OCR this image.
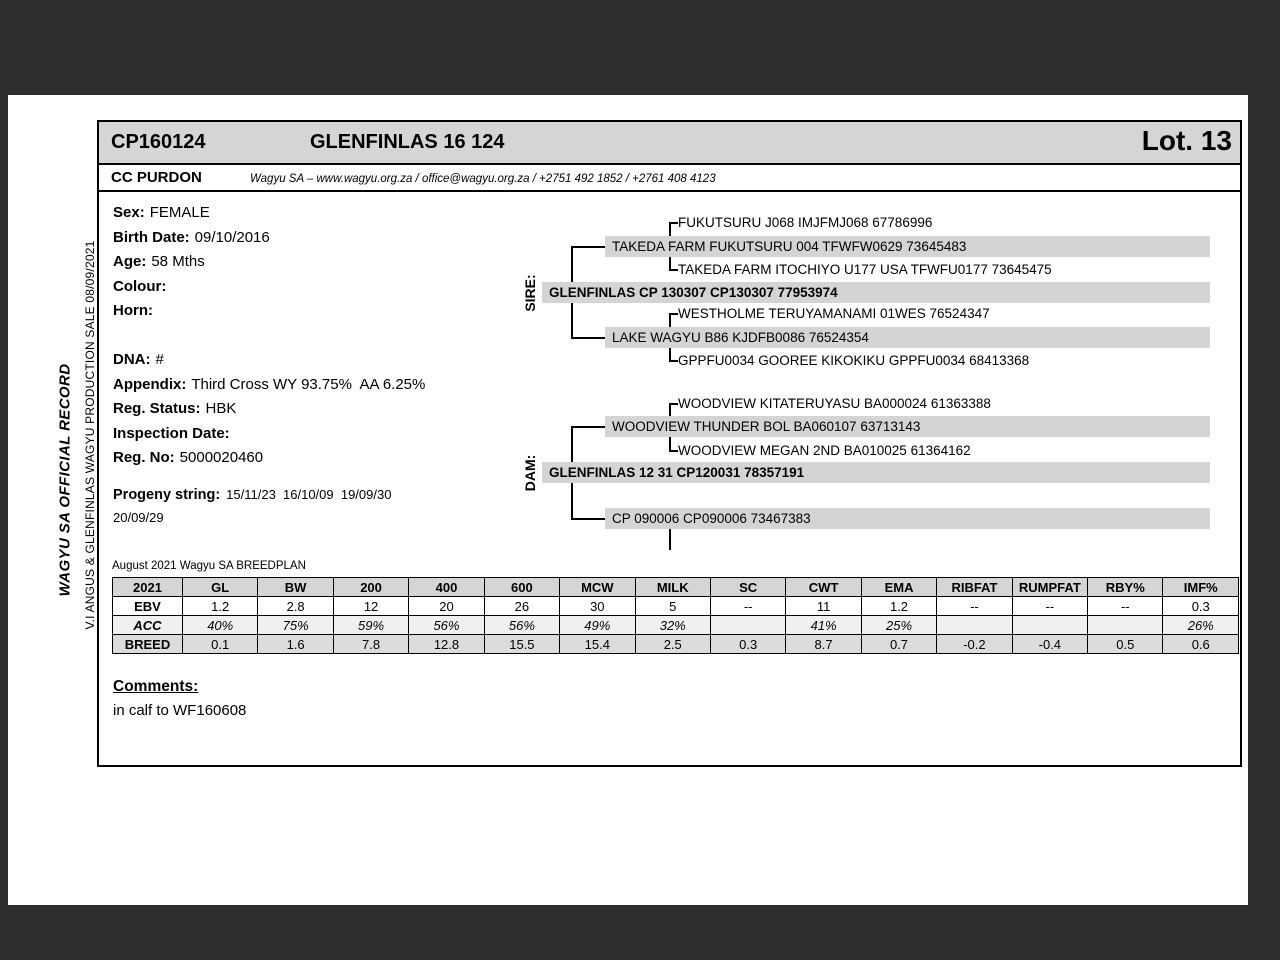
WAGYU SA OFFICIAL RECORD V.I ANGUS & GLENFINLAS WAGYU PRODUCTION SALE 08/09/2021
CP160124	GLENFINLAS 16 124	Lot. 13
CC PURDON	Wagyu SA – www.wagyu.org.za / office@wagyu.org.za / +2751 492 1852 / +2761 408 4123
Sex: FEMALE
Birth Date: 09/10/2016
Age: 58 Mths
Colour:
Horn:
DNA: #
Appendix: Third Cross WY 93.75%  AA 6.25%
Reg. Status: HBK
Inspection Date:
Reg. No: 5000020460
Progeny string: 15/11/23  16/10/09  19/09/30
20/09/29
SIRE:
DAM:
FUKUTSURU J068 IMJFMJ068 67786996
TAKEDA FARM FUKUTSURU 004 TFWFW0629 73645483
TAKEDA FARM ITOCHIYO U177 USA TFWFU0177 73645475
GLENFINLAS CP 130307 CP130307 77953974
WESTHOLME TERUYAMANAMI 01WES 76524347
LAKE WAGYU B86 KJDFB0086 76524354
GPPFU0034 GOOREE KIKOKIKU GPPFU0034 68413368
WOODVIEW KITATERUYASU BA000024 61363388
WOODVIEW THUNDER BOL BA060107 63713143
WOODVIEW MEGAN 2ND BA010025 61364162
GLENFINLAS 12 31 CP120031 78357191
CP 090006 CP090006 73467383
August 2021 Wagyu SA BREEDPLAN
2021	GL	BW	200	400	600	MCW	MILK	SC	CWT	EMA	RIBFAT	RUMPFAT	RBY%	IMF%
EBV	1.2	2.8	12	20	26	30	5	--	11	1.2	--	--	--	0.3
ACC	40%	75%	59%	56%	56%	49%	32%		41%	25%				26%
BREED	0.1	1.6	7.8	12.8	15.5	15.4	2.5	0.3	8.7	0.7	-0.2	-0.4	0.5	0.6
Comments:
in calf to WF160608
